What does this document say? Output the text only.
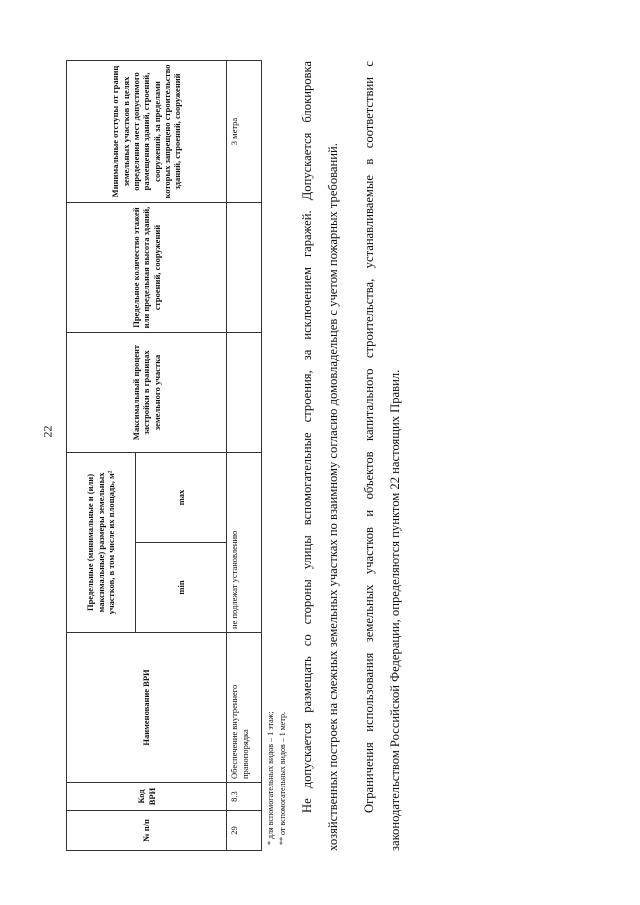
22
№ п/п	Код ВРИ	Наименование ВРИ	Предельные (минимальные и (или) максимальные) размеры земельных участков, в том числе их площадь, м²		Максимальный процент застройки в границах земельного участка	Предельное количество этажей или предельная высота зданий, строений, сооружений	Минимальные отступы от границ земельных участков в целях определения мест допустимого размещения зданий, строений, сооружений, за пределами которых запрещено строительство зданий, строений, сооружений
			min	max			
29	8.3	Обеспечение внутреннего правопорядка	не подлежат установлению				3 метра
* для вспомогательных видов – 1 этаж; ** от вспомогательных видов – 1 метр.	Не допускается размещать со стороны улицы вспомогательные строения, за исключением гаражей. Допускается блокировка хозяйственных построек на смежных земельных участках по взаимному согласию домовладельцев с учетом пожарных требований.	Ограничения использования земельных участков и объектов капитального строительства, устанавливаемые в соответствии с законодательством Российской Федерации, определяются пунктом 22 настоящих Правил.
